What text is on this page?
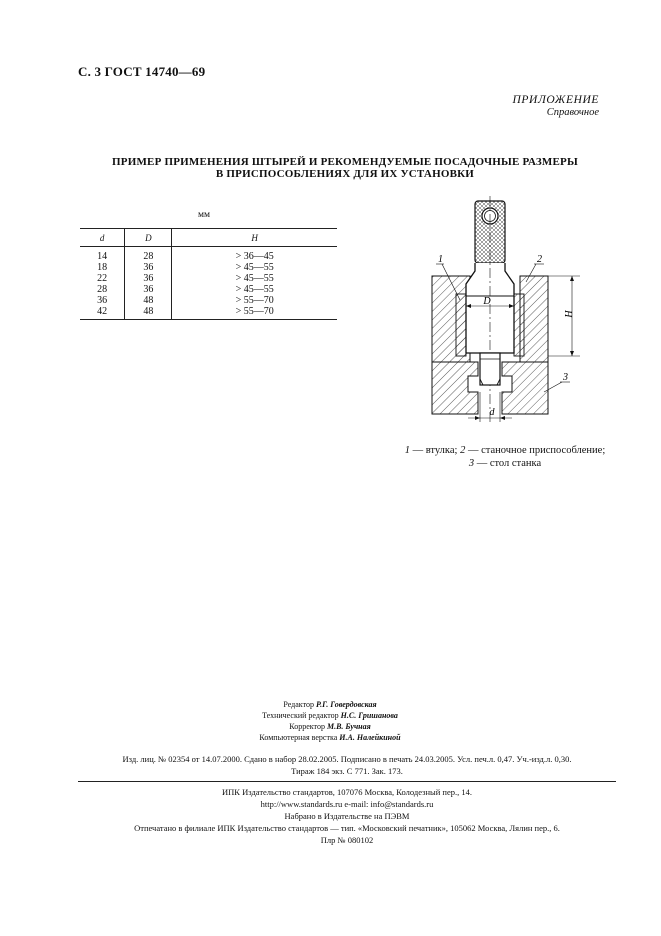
С. 3 ГОСТ 14740—69
ПРИЛОЖЕНИЕ
Справочное
ПРИМЕР ПРИМЕНЕНИЯ ШТЫРЕЙ И РЕКОМЕНДУЕМЫЕ ПОСАДОЧНЫЕ РАЗМЕРЫ
В ПРИСПОСОБЛЕНИЯХ ДЛЯ ИХ УСТАНОВКИ
мм
d	D	H
14	28	> 36—45
18	36	> 45—55
22	36	> 45—55
28	36	> 45—55
36	48	> 55—70
42	48	> 55—70
D
H
d
1	2
3
1 — втулка; 2 — станочное приспособление;
3 — стол станка
Редактор Р.Г. Говердовская
Технический редактор Н.С. Гришанова
Корректор М.В. Бучная
Компьютерная верстка И.А. Налейкиной
Изд. лиц. № 02354 от 14.07.2000. Сдано в набор 28.02.2005. Подписано в печать 24.03.2005. Усл. печ.л. 0,47. Уч.-изд.л. 0,30.
Тираж 184 экз. С 771. Зак. 173.
ИПК Издательство стандартов, 107076 Москва, Колодезный пер., 14.
http://www.standards.ru e-mail: info@standards.ru
Набрано в Издательстве на ПЭВМ
Отпечатано в филиале ИПК Издательство стандартов — тип. «Московский печатник», 105062 Москва, Лялин пер., 6.
Плр № 080102
